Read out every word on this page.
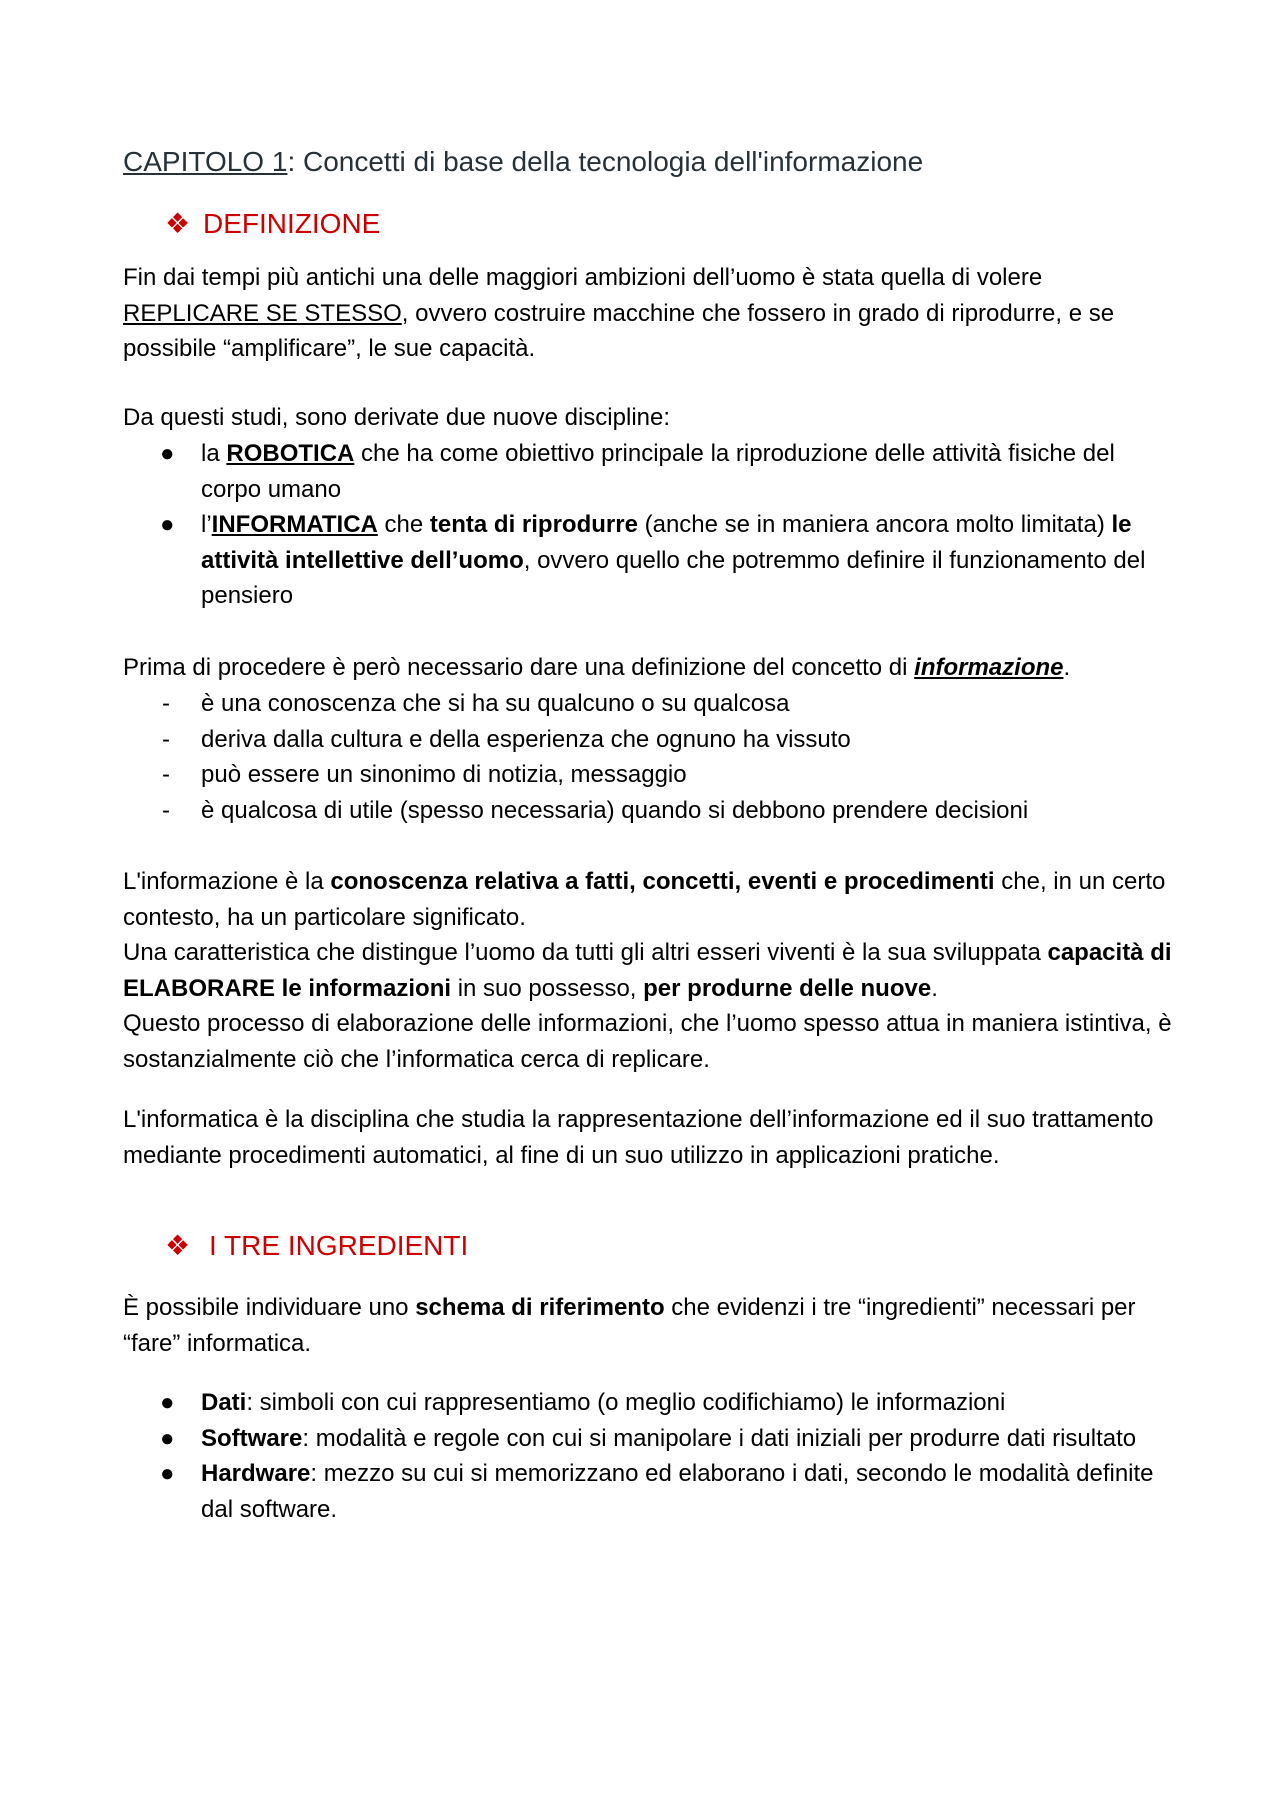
CAPITOLO 1: Concetti di base della tecnologia dell'informazione
❖ DEFINIZIONE
Fin dai tempi più antichi una delle maggiori ambizioni dell’uomo è stata quella di volere REPLICARE SE STESSO, ovvero costruire macchine che fossero in grado di riprodurre, e se possibile “amplificare”, le sue capacità.
Da questi studi, sono derivate due nuove discipline:
● la ROBOTICA che ha come obiettivo principale la riproduzione delle attività fisiche del corpo umano
● l’INFORMATICA che tenta di riprodurre (anche se in maniera ancora molto limitata) le attività intellettive dell’uomo, ovvero quello che potremmo definire il funzionamento del pensiero
Prima di procedere è però necessario dare una definizione del concetto di informazione.
- è una conoscenza che si ha su qualcuno o su qualcosa
- deriva dalla cultura e della esperienza che ognuno ha vissuto
- può essere un sinonimo di notizia, messaggio
- è qualcosa di utile (spesso necessaria) quando si debbono prendere decisioni
L'informazione è la conoscenza relativa a fatti, concetti, eventi e procedimenti che, in un certo contesto, ha un particolare significato.
Una caratteristica che distingue l’uomo da tutti gli altri esseri viventi è la sua sviluppata capacità di ELABORARE le informazioni in suo possesso, per produrne delle nuove.
Questo processo di elaborazione delle informazioni, che l’uomo spesso attua in maniera istintiva, è sostanzialmente ciò che l’informatica cerca di replicare.
L'informatica è la disciplina che studia la rappresentazione dell’informazione ed il suo trattamento mediante procedimenti automatici, al fine di un suo utilizzo in applicazioni pratiche.
❖ I TRE INGREDIENTI
È possibile individuare uno schema di riferimento che evidenzi i tre “ingredienti” necessari per “fare” informatica.
● Dati: simboli con cui rappresentiamo (o meglio codifichiamo) le informazioni
● Software: modalità e regole con cui si manipolare i dati iniziali per produrre dati risultato
● Hardware: mezzo su cui si memorizzano ed elaborano i dati, secondo le modalità definite dal software.
